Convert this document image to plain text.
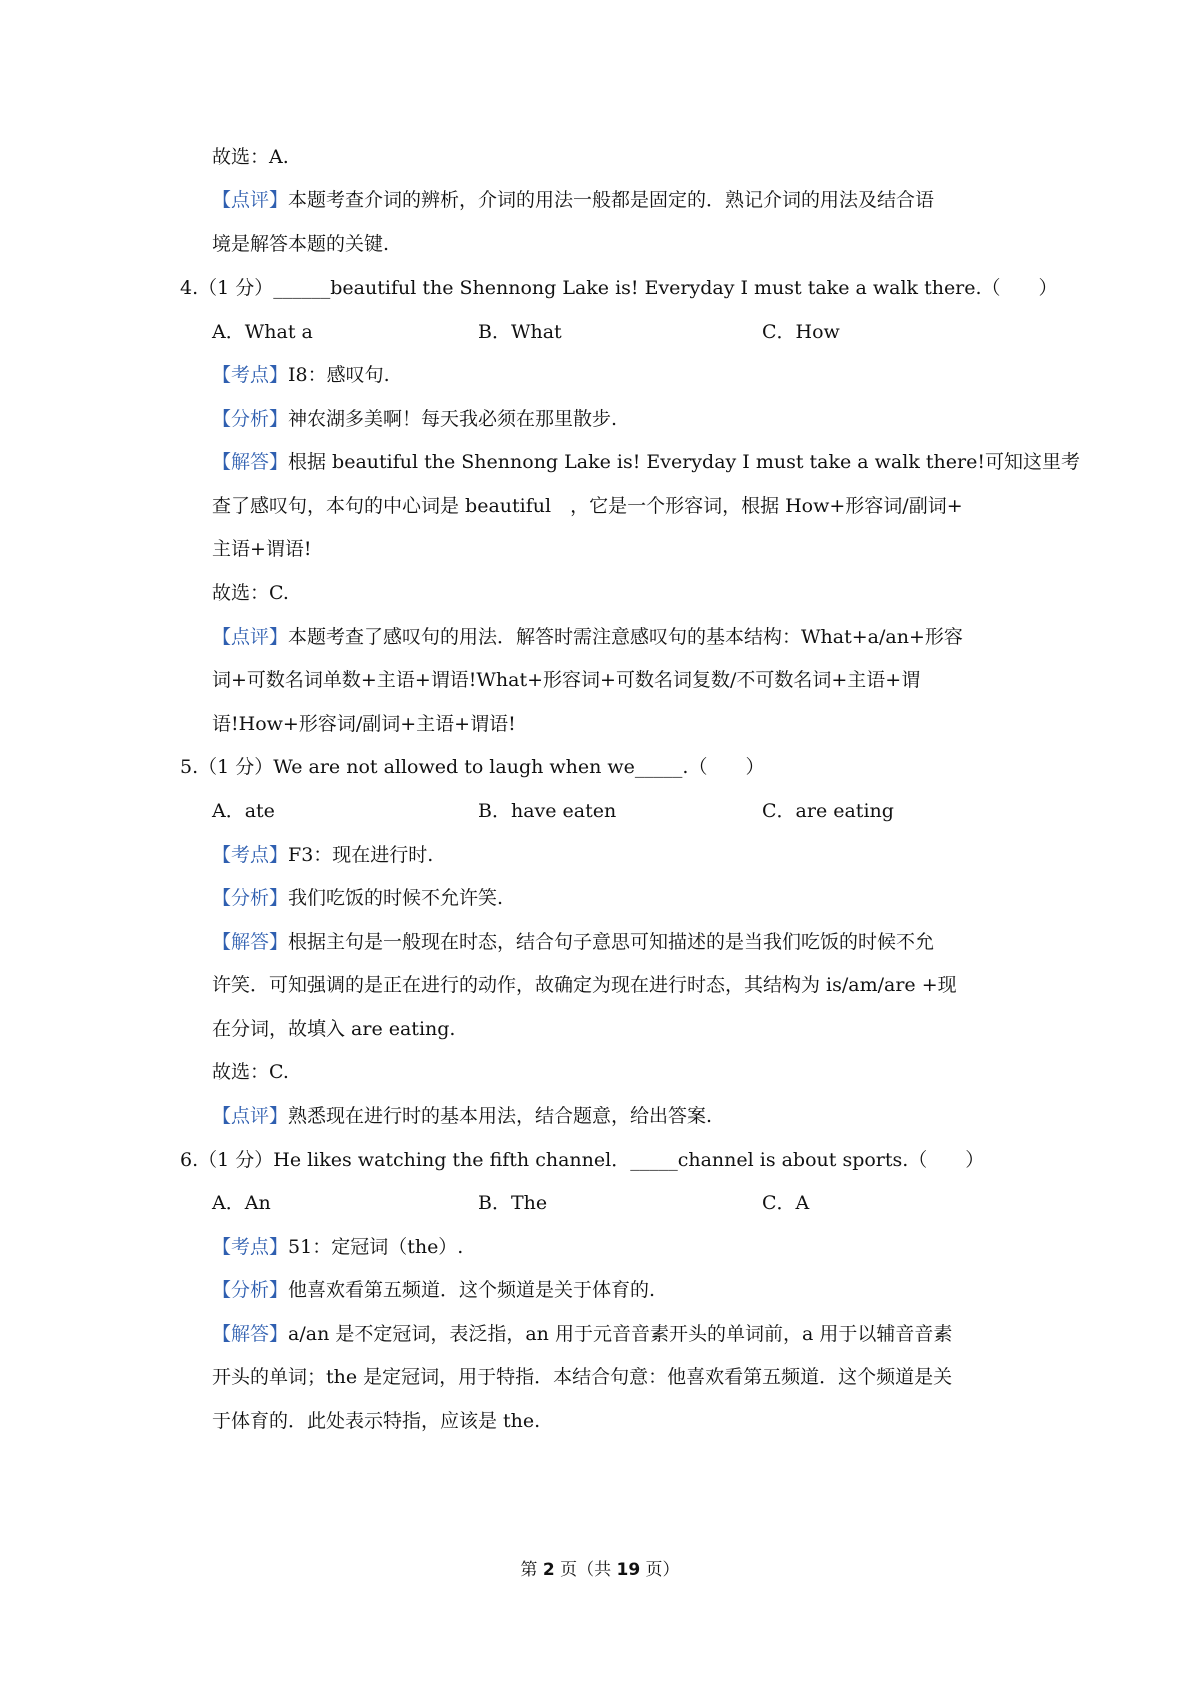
故选：A.
【点评】本题考查介词的辨析，介词的用法一般都是固定的．熟记介词的用法及结合语
境是解答本题的关键.
4.（1 分）______beautiful the Shennong Lake is! Everyday I must take a walk there.（　　）
A．What a	B．What	C．How
【考点】I8：感叹句.
【分析】神农湖多美啊！每天我必须在那里散步.
【解答】根据 beautiful the Shennong Lake is! Everyday I must take a walk there!可知这里考
查了感叹句，本句的中心词是 beautiful　，它是一个形容词，根据 How+形容词/副词+
主语+谓语!
故选：C.
【点评】本题考查了感叹句的用法．解答时需注意感叹句的基本结构：What+a/an+形容
词+可数名词单数+主语+谓语!What+形容词+可数名词复数/不可数名词+主语+谓
语!How+形容词/副词+主语+谓语!
5.（1 分）We are not allowed to laugh when we_____.（　　）
A．ate	B．have eaten	C．are eating
【考点】F3：现在进行时.
【分析】我们吃饭的时候不允许笑.
【解答】根据主句是一般现在时态，结合句子意思可知描述的是当我们吃饭的时候不允
许笑．可知强调的是正在进行的动作，故确定为现在进行时态，其结构为 is/am/are +现
在分词，故填入 are eating.
故选：C.
【点评】熟悉现在进行时的基本用法，结合题意，给出答案.
6.（1 分）He likes watching the fifth channel．_____channel is about sports.（　　）
A．An	B．The	C．A
【考点】51：定冠词（the）.
【分析】他喜欢看第五频道．这个频道是关于体育的.
【解答】a/an 是不定冠词，表泛指，an 用于元音音素开头的单词前，a 用于以辅音音素
开头的单词；the 是定冠词，用于特指．本结合句意：他喜欢看第五频道．这个频道是关
于体育的．此处表示特指，应该是 the.
第 2 页（共 19 页）
